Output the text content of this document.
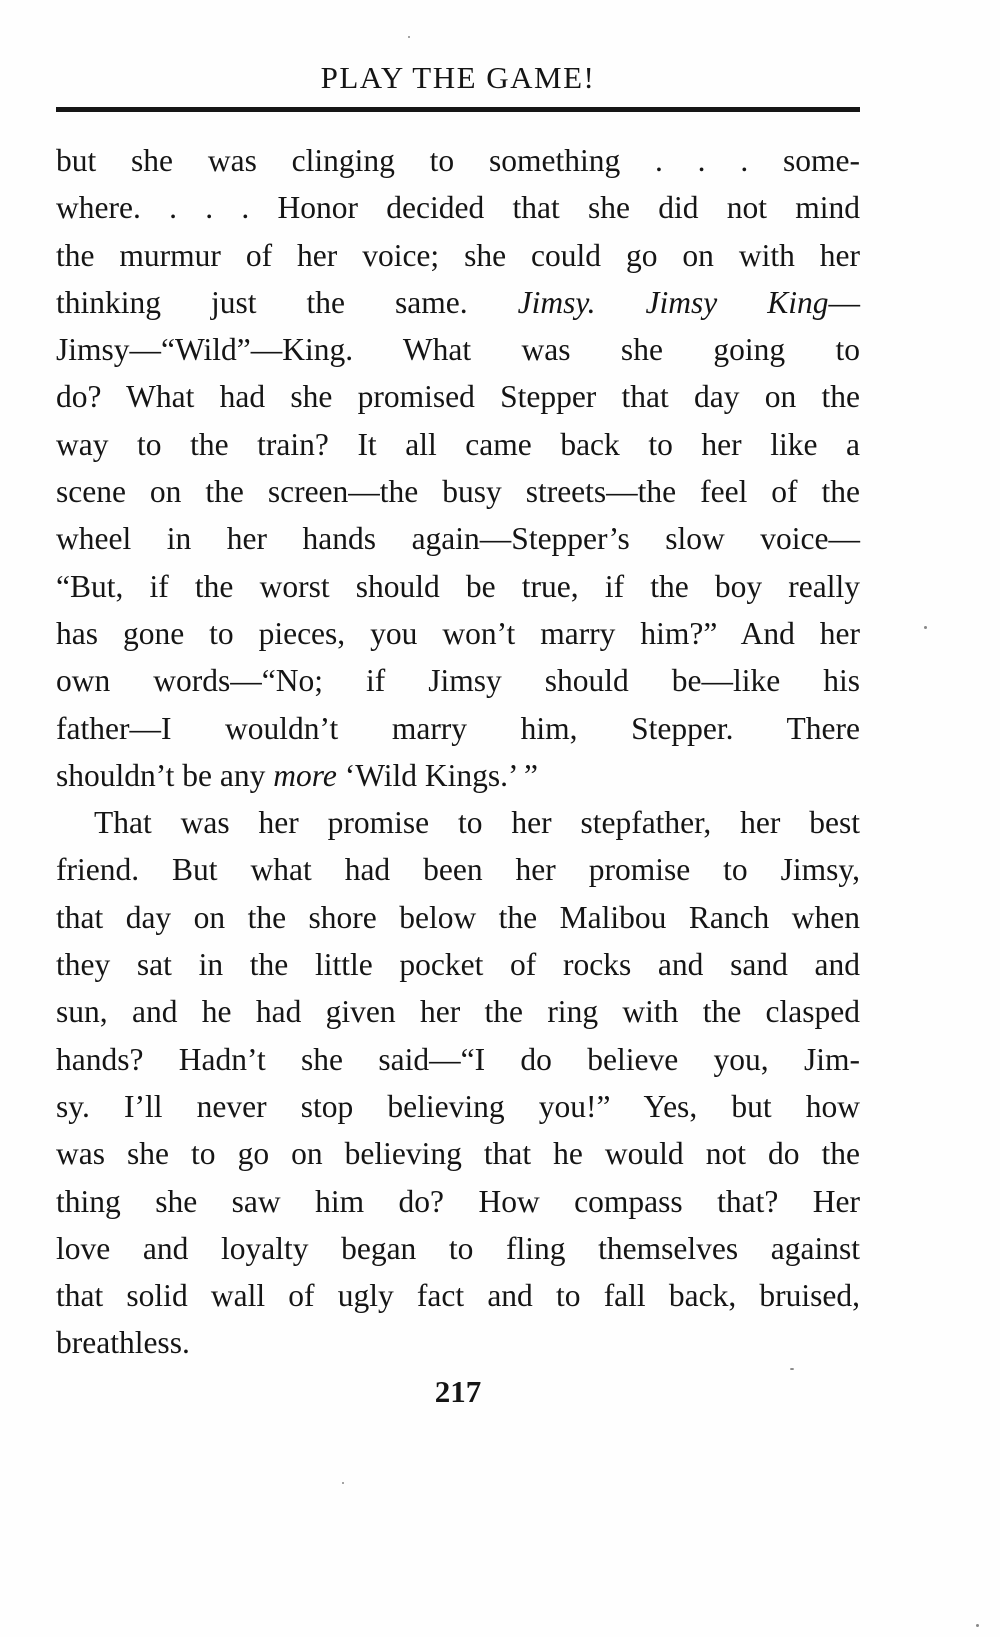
PLAY THE GAME!
but she was clinging to something . . . some-
where. . . . Honor decided that she did not mind
the murmur of her voice; she could go on with her
thinking just the same. Jimsy. Jimsy King—
Jimsy—“Wild”—King. What was she going to
do? What had she promised Stepper that day on the
way to the train? It all came back to her like a
scene on the screen—the busy streets—the feel of the
wheel in her hands again—Stepper’s slow voice—
“But, if the worst should be true, if the boy really
has gone to pieces, you won’t marry him?” And her
own words—“No; if Jimsy should be—like his
father—I wouldn’t marry him, Stepper. There
shouldn’t be any more ‘Wild Kings.’ ”
That was her promise to her stepfather, her best
friend. But what had been her promise to Jimsy,
that day on the shore below the Malibou Ranch when
they sat in the little pocket of rocks and sand and
sun, and he had given her the ring with the clasped
hands? Hadn’t she said—“I do believe you, Jim-
sy. I’ll never stop believing you!” Yes, but how
was she to go on believing that he would not do the
thing she saw him do? How compass that? Her
love and loyalty began to fling themselves against
that solid wall of ugly fact and to fall back, bruised,
breathless.
217
